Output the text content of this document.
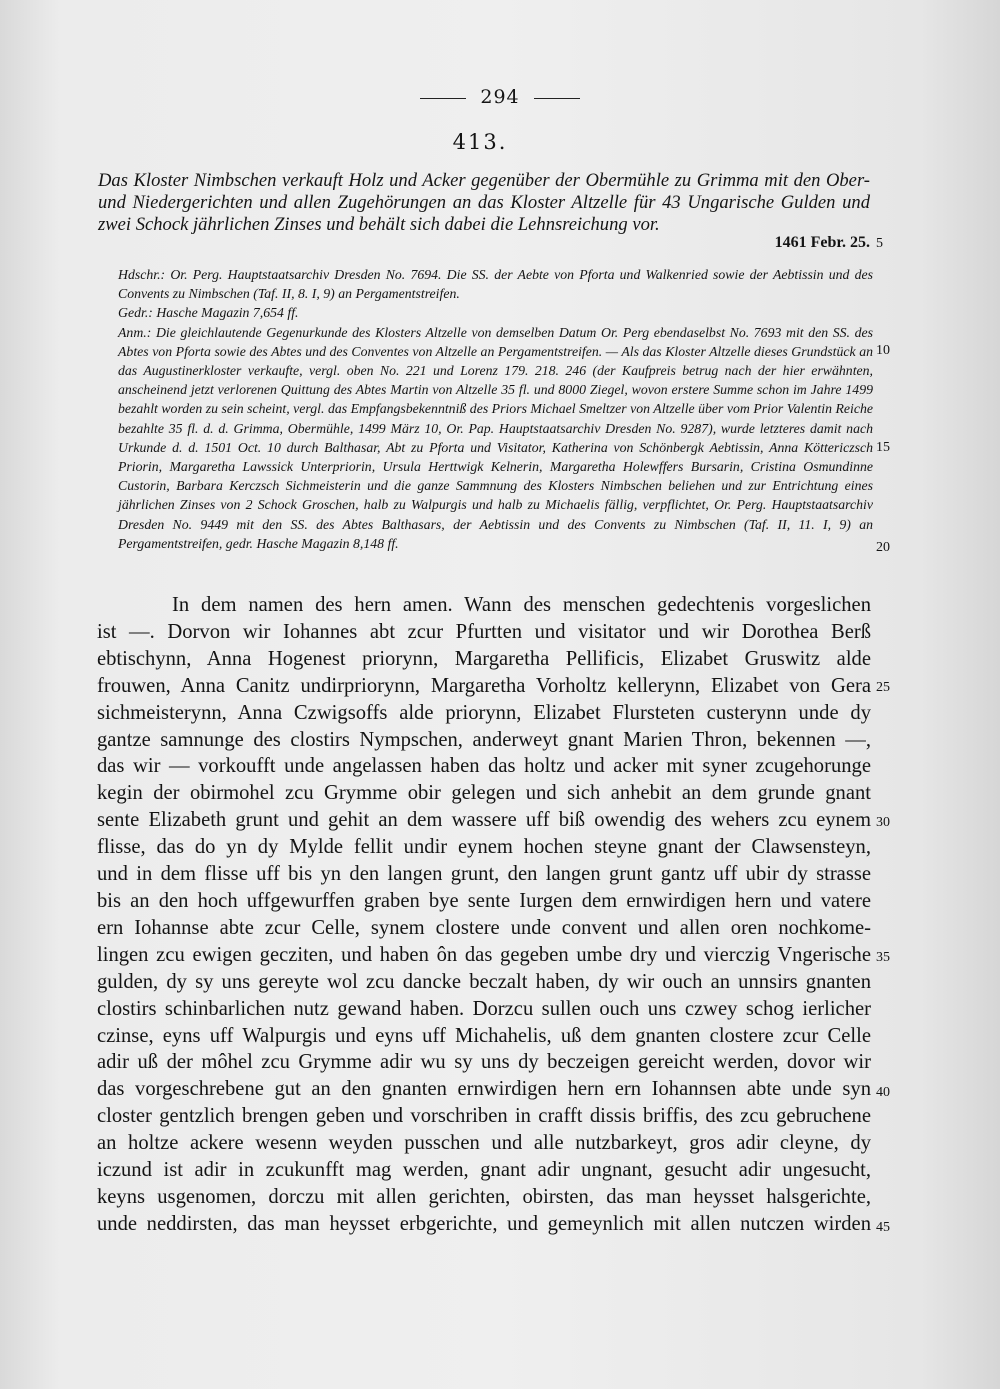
294
413.
Das Kloster Nimbschen verkauft Holz und Acker gegenüber der Obermühle zu Grimma mit den Ober- und Niedergerichten und allen Zugehörungen an das Kloster Altzelle für 43 Ungarische Gulden und zwei Schock jährlichen Zinses und behält sich dabei die Lehnsreichung vor.
1461 Febr. 25.

Hdschr.: Or. Perg. Hauptstaatsarchiv Dresden No. 7694. Die SS. der Aebte von Pforta und Walkenried sowie der Aebtissin und des Convents zu Nimbschen (Taf. II, 8. I, 9) an Pergamentstreifen.

Gedr.: Hasche Magazin 7,654 ff.

Anm.: Die gleichlautende Gegenurkunde des Klosters Altzelle von demselben Datum Or. Perg ebendaselbst No. 7693 mit den SS. des Abtes von Pforta sowie des Abtes und des Conventes von Altzelle an Pergamentstreifen. — Als das Kloster Altzelle dieses Grundstück an das Augustinerkloster verkaufte, vergl. oben No. 221 und Lorenz 179. 218. 246 (der Kaufpreis betrug nach der hier erwähnten, anscheinend jetzt verlorenen Quittung des Abtes Martin von Altzelle 35 fl. und 8000 Ziegel, wovon erstere Summe schon im Jahre 1499 bezahlt worden zu sein scheint, vergl. das Empfangsbekenntniß des Priors Michael Smeltzer von Altzelle über vom Prior Valentin Reiche bezahlte 35 fl. d. d. Grimma, Obermühle, 1499 März 10, Or. Pap. Hauptstaatsarchiv Dresden No. 9287), wurde letzteres damit nach Urkunde d. d. 1501 Oct. 10 durch Balthasar, Abt zu Pforta und Visitator, Katherina von Schönbergk Aebtissin, Anna Köttericzsch Priorin, Margaretha Lawssick Unterpriorin, Ursula Herttwigk Kelnerin, Margaretha Holewffers Bursarin, Cristina Osmundinne Custorin, Barbara Kerczsch Sichmeisterin und die ganze Sammnung des Klosters Nimbschen beliehen und zur Entrichtung eines jährlichen Zinses von 2 Schock Groschen, halb zu Walpurgis und halb zu Michaelis fällig, verpflichtet, Or. Perg. Hauptstaatsarchiv Dresden No. 9449 mit den SS. des Abtes Balthasars, der Aebtissin und des Convents zu Nimbschen (Taf. II, 11. I, 9) an Pergamentstreifen, gedr. Hasche Magazin 8,148 ff.

In dem namen des hern amen. Wann des menschen gedechtenis vorgeslichen
ist —. Dorvon wir Iohannes abt zcur Pfurtten und visitator und wir Dorothea Berß
ebtischynn, Anna Hogenest priorynn, Margaretha Pellificis, Elizabet Gruswitz alde
frouwen, Anna Canitz undirpriorynn, Margaretha Vorholtz kellerynn, Elizabet von Gera
sichmeisterynn, Anna Czwigsoffs alde priorynn, Elizabet Flursteten custerynn unde dy
gantze samnunge des clostirs Nympschen, anderweyt gnant Marien Thron, bekennen —,
das wir — vorkoufft unde angelassen haben das holtz und acker mit syner zcugehorunge
kegin der obirmohel zcu Grymme obir gelegen und sich anhebit an dem grunde gnant
sente Elizabeth grunt und gehit an dem wassere uff biß owendig des wehers zcu eynem
flisse, das do yn dy Mylde fellit undir eynem hochen steyne gnant der Clawsensteyn,
und in dem flisse uff bis yn den langen grunt, den langen grunt gantz uff ubir dy strasse
bis an den hoch uffgewurffen graben bye sente Iurgen dem ernwirdigen hern und vatere
ern Iohannse abte zcur Celle, synem clostere unde convent und allen oren nochkome-
lingen zcu ewigen gecziten, und haben ôn das gegeben umbe dry und vierczig Vngerische
gulden, dy sy uns gereyte wol zcu dancke beczalt haben, dy wir ouch an unnsirs gnanten
clostirs schinbarlichen nutz gewand haben. Dorzcu sullen ouch uns czwey schog ierlicher
czinse, eyns uff Walpurgis und eyns uff Michahelis, uß dem gnanten clostere zcur Celle
adir uß der môhel zcu Grymme adir wu sy uns dy beczeigen gereicht werden, dovor wir
das vorgeschrebene gut an den gnanten ernwirdigen hern ern Iohannsen abte unde syn
closter gentzlich brengen geben und vorschriben in crafft dissis briffis, des zcu gebruchene
an holtze ackere wesenn weyden pusschen und alle nutzbarkeyt, gros adir cleyne, dy
iczund ist adir in zcukunfft mag werden, gnant adir ungnant, gesucht adir ungesucht,
keyns usgenomen, dorczu mit allen gerichten, obirsten, das man heysset halsgerichte,
unde neddirsten, das man heysset erbgerichte, und gemeynlich mit allen nutczen wirden
5
10
15
20
25
30
35
40
45
